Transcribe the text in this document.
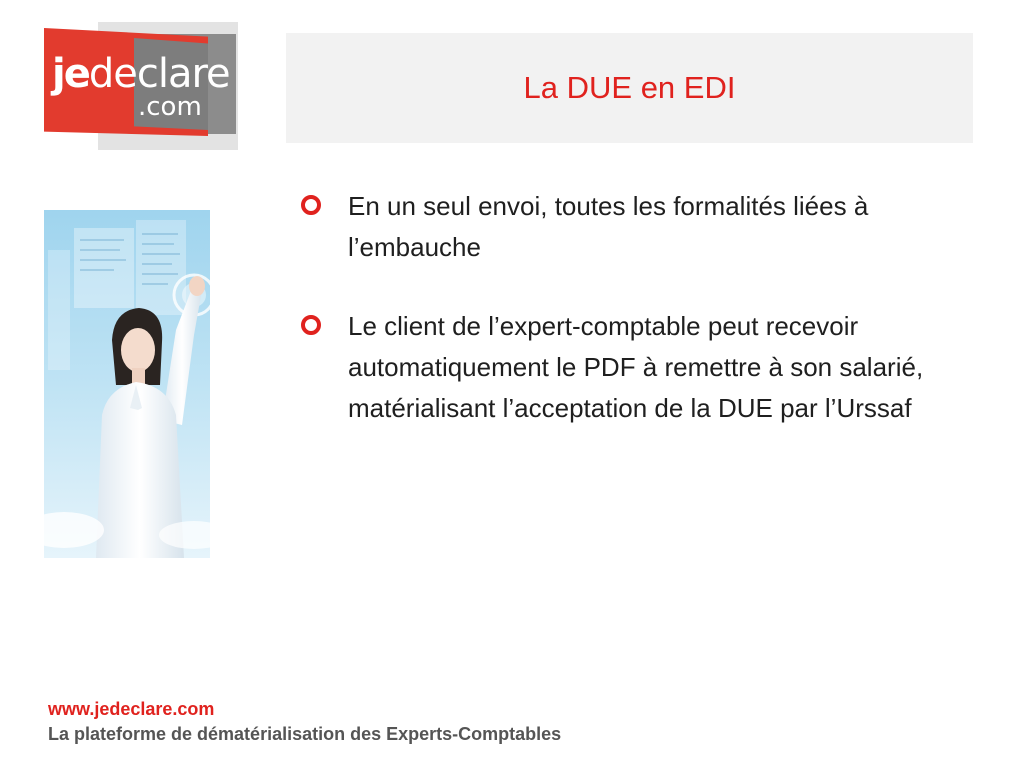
jedeclare
.com
La DUE en EDI
En un seul envoi, toutes les formalités liées à l’embauche
Le client de l’expert-comptable peut recevoir automatiquement le PDF à remettre à son salarié, matérialisant l’acceptation de la DUE par l’Urssaf
www.jedeclare.com
La plateforme de dématérialisation des Experts-Comptables
